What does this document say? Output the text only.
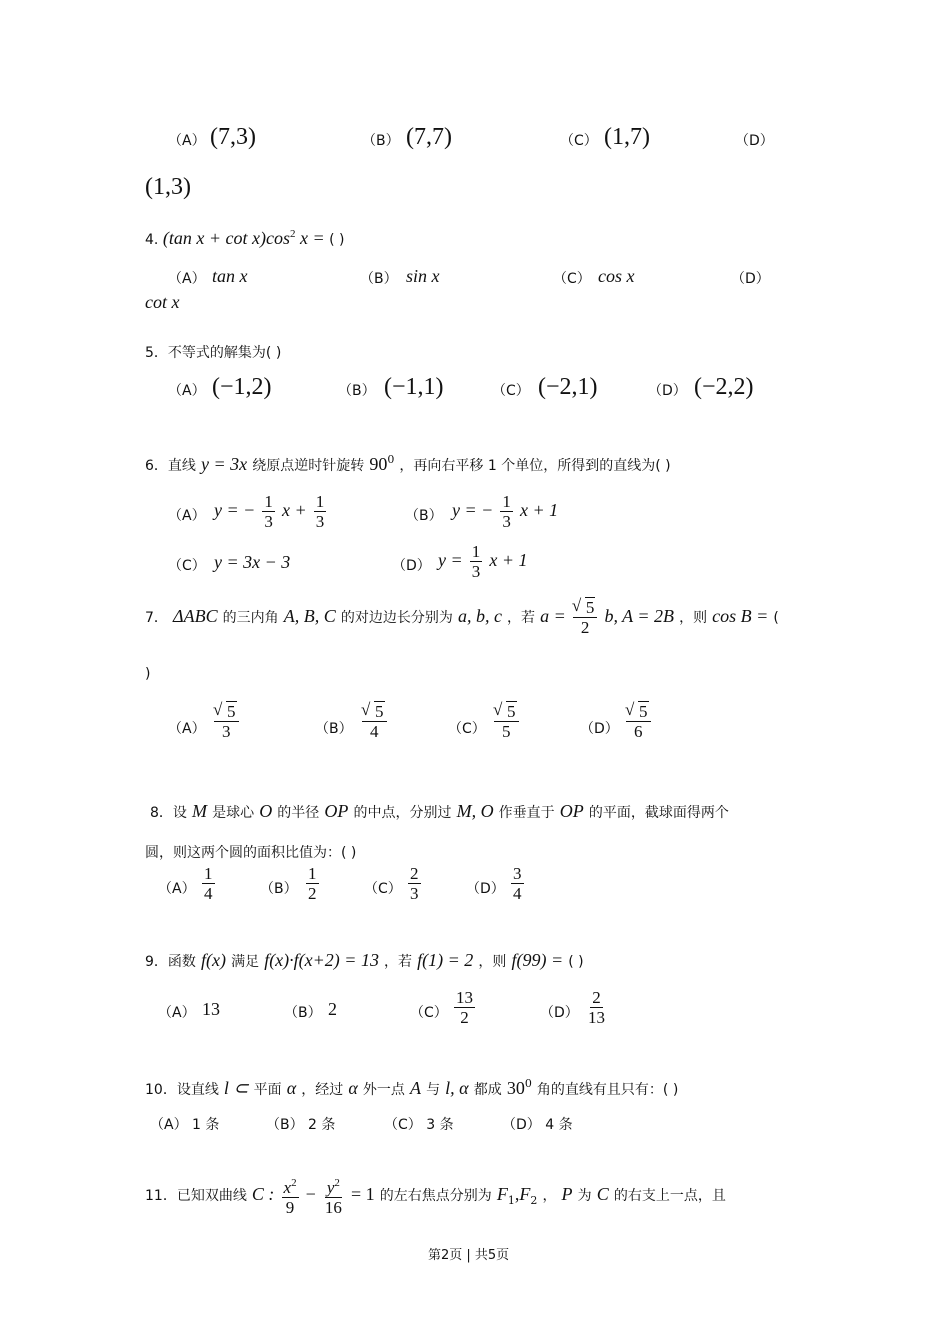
（A） (7,3)	（B） (7,7)	（C） (1,7)	（D）
(1,3)
4. (tan $x + \cot x)\cos^2$ x = ( )
（A） tan x	（B） sin x	（C） cos x	（D）
cot x
5．不等式的解集为( )
（A） (−1,2)	（B） (−1,1)	（C） (−2,1)	（D） (−2,2)
6．直线 y = 3x 绕原点逆时针旋转 $90^0$ ，再向右平移 1 个单位，所得到的直线为( )
（A） y = − $\frac{1}{3}$ $x + \frac{1}{3}$	（B） y = − $\frac{1}{3}$ x + 1
（C） y = 3x − 3	（D） $y = \frac{1}{3}$ x + 1
7． ΔABC 的三内角 A, B, C 的对边边长分别为 a, b, c ，若 a = √ $\frac{5}{2} b$, A = 2B ，则 cos B = (
)
（A） √ $\frac{5}{3}$	（B） √ $\frac{5}{4}$	（C） √ $\frac{5}{5}$	（D） √ $\frac{5}{6}$
8．设 M 是球心 O 的半径 OP 的中点，分别过 M, O 作垂直于 OP 的平面，截球面得两个
圆，则这两个圆的面积比值为：( )
$(A) \frac{1}{4}$	$(B) \frac{1}{2}$	$(C) \frac{2}{3}$	$(D) \frac{3}{4}$
9．函数 f(x) 满足 f(x)·f(x+2) = 13 ，若 f(1) = 2 ，则 f(99) = ( )
（A） 13	（B） 2	$(C) \frac{13}{2}$	$(D) \frac{2}{13}$
10．设直线 l ⊂ 平面 α ，经过 α 外一点 A 与 l, α 都成 $30^0$ 角的直线有且只有：( )
（A） 1 条	（B） 2 条	（C） 3 条	（D） 4 条
11．已知双曲线 C : $\frac{x^2}{9} - \frac{y^2}{16} = 1$ 的左右焦点分别为 $F_1,F_2$ ， P 为 C 的右支上一点，且
第2页 | 共5页
